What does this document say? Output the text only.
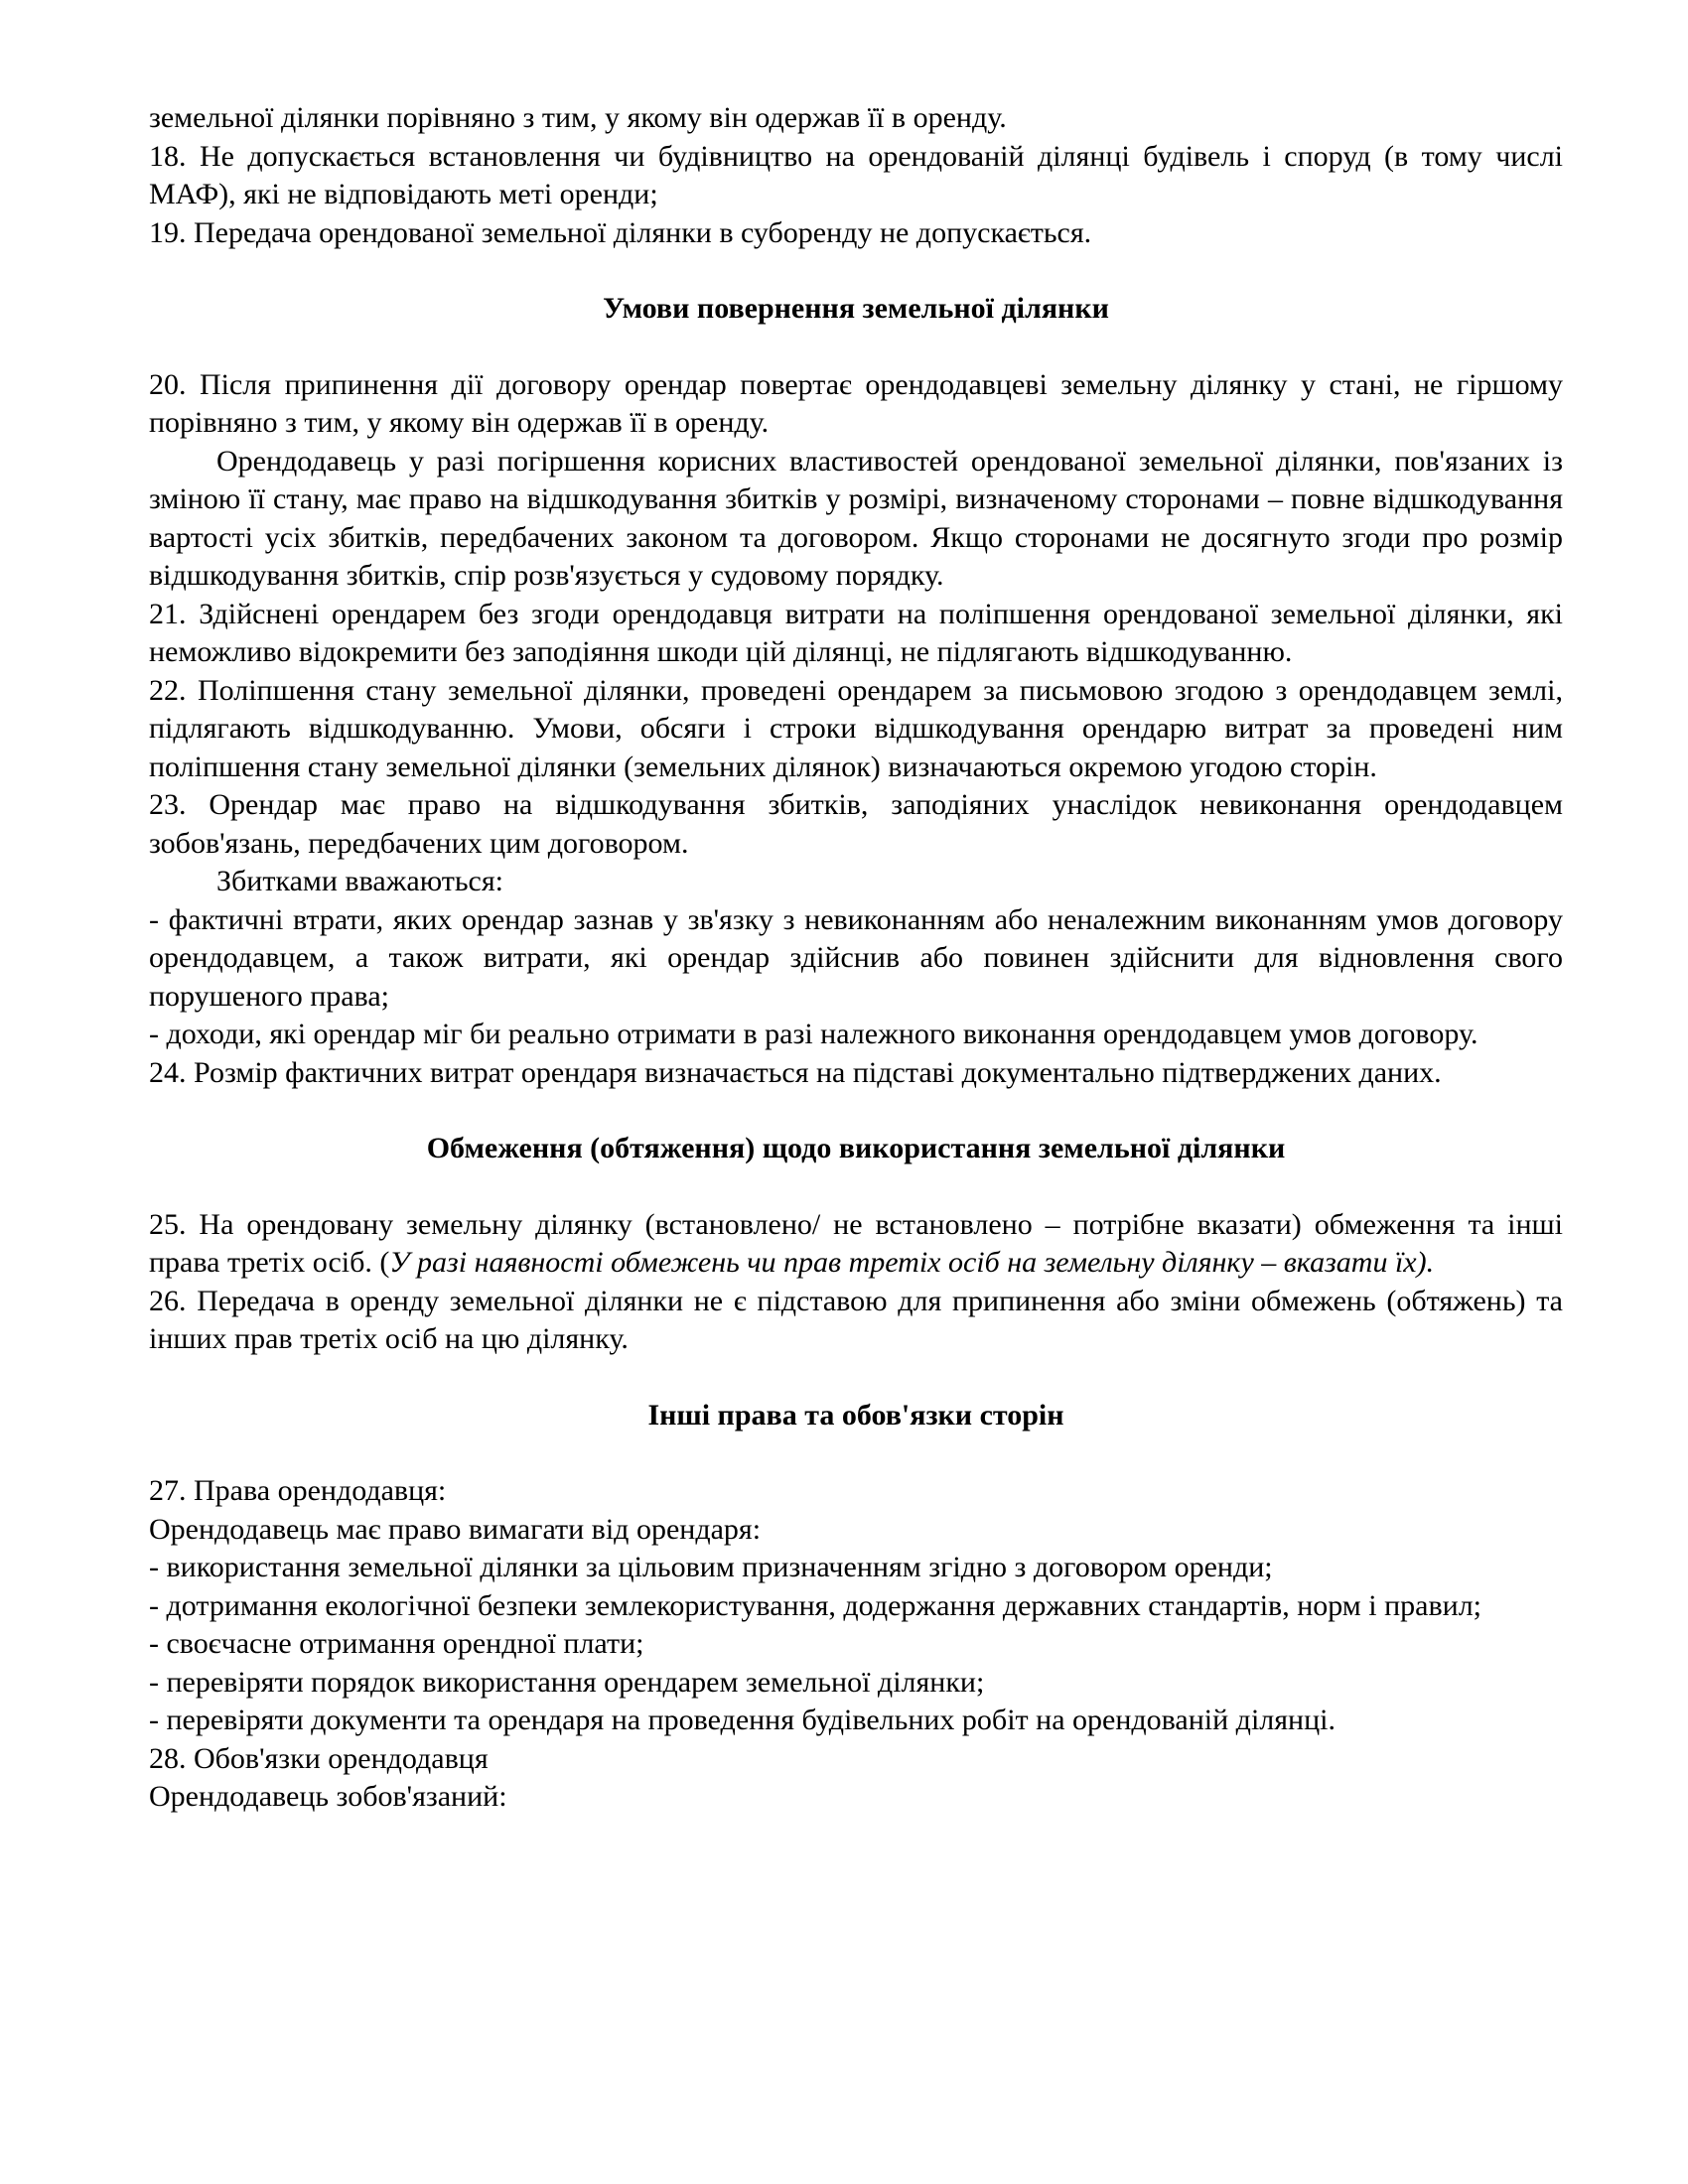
земельної ділянки порівняно з тим, у якому він одержав її в оренду.

18. Не допускається встановлення чи будівництво на орендованій ділянці будівель і споруд (в тому числі МАФ), які не відповідають меті оренди;

19. Передача орендованої земельної ділянки в суборенду не допускається.

Умови повернення земельної ділянки

20. Після припинення дії договору орендар повертає орендодавцеві земельну ділянку у стані, не гіршому порівняно з тим, у якому він одержав її в оренду.

Орендодавець у разі погіршення корисних властивостей орендованої земельної ділянки, пов'язаних із зміною її стану, має право на відшкодування збитків у розмірі, визначеному сторонами – повне відшкодування вартості усіх збитків, передбачених законом та договором. Якщо сторонами не досягнуто згоди про розмір відшкодування збитків, спір розв'язується у судовому порядку.

21. Здійснені орендарем без згоди орендодавця витрати на поліпшення орендованої земельної ділянки, які неможливо відокремити без заподіяння шкоди цій ділянці, не підлягають відшкодуванню.

22. Поліпшення стану земельної ділянки, проведені орендарем за письмовою згодою з орендодавцем землі, підлягають відшкодуванню. Умови, обсяги і строки відшкодування орендарю витрат за проведені ним поліпшення стану земельної ділянки (земельних ділянок) визначаються окремою угодою сторін.

23. Орендар має право на відшкодування збитків, заподіяних унаслідок невиконання орендодавцем зобов'язань, передбачених цим договором.

Збитками вважаються:

- фактичні втрати, яких орендар зазнав у зв'язку з невиконанням або неналежним виконанням умов договору орендодавцем, а також витрати, які орендар здійснив або повинен здійснити для відновлення свого порушеного права;

- доходи, які орендар міг би реально отримати в разі належного виконання орендодавцем умов договору.

24. Розмір фактичних витрат орендаря визначається на підставі документально підтверджених даних.

Обмеження (обтяження) щодо використання земельної ділянки

25. На орендовану земельну ділянку (встановлено/ не встановлено – потрібне вказати) обмеження та інші права третіх осіб. (У разі наявності обмежень чи прав третіх осіб на земельну ділянку – вказати їх).

26. Передача в оренду земельної ділянки не є підставою для припинення або зміни обмежень (обтяжень) та інших прав третіх осіб на цю ділянку.

Інші права та обов'язки сторін

27. Права орендодавця:

Орендодавець має право вимагати від орендаря:

- використання земельної ділянки за цільовим призначенням згідно з договором оренди;

- дотримання екологічної безпеки землекористування, додержання державних стандартів, норм і правил;

- своєчасне отримання орендної плати;

- перевіряти порядок використання орендарем земельної ділянки;

- перевіряти документи та орендаря на проведення будівельних робіт на орендованій ділянці.

28. Обов'язки орендодавця

Орендодавець зобов'язаний:
